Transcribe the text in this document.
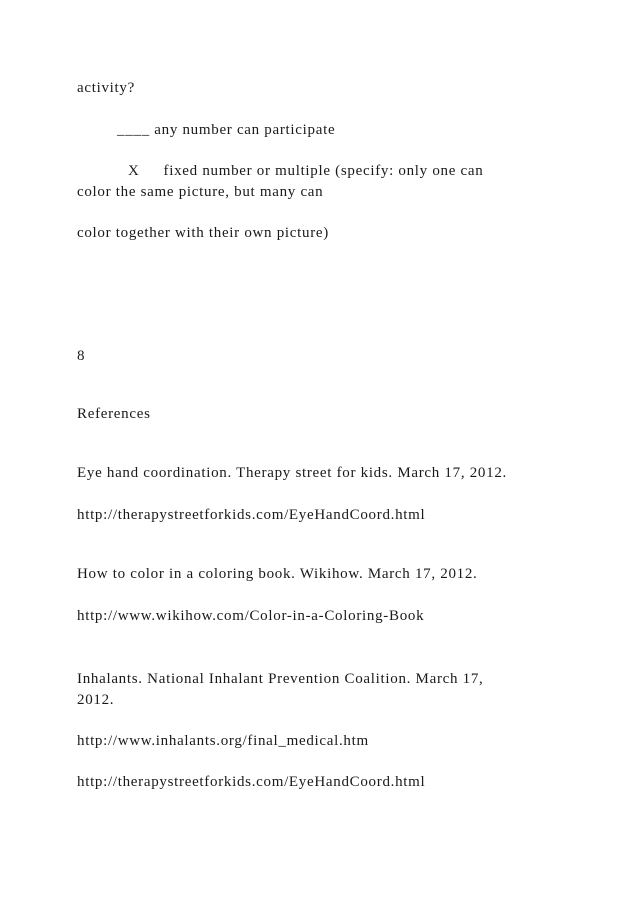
activity?
____ any number can participate
X fixed number or multiple (specify: only one can
color the same picture, but many can
color together with their own picture)
8
References
Eye hand coordination. Therapy street for kids. March 17, 2012.
http://therapystreetforkids.com/EyeHandCoord.html
How to color in a coloring book. Wikihow. March 17, 2012.
http://www.wikihow.com/Color-in-a-Coloring-Book
Inhalants. National Inhalant Prevention Coalition. March 17,
2012.
http://www.inhalants.org/final_medical.htm
http://therapystreetforkids.com/EyeHandCoord.html
